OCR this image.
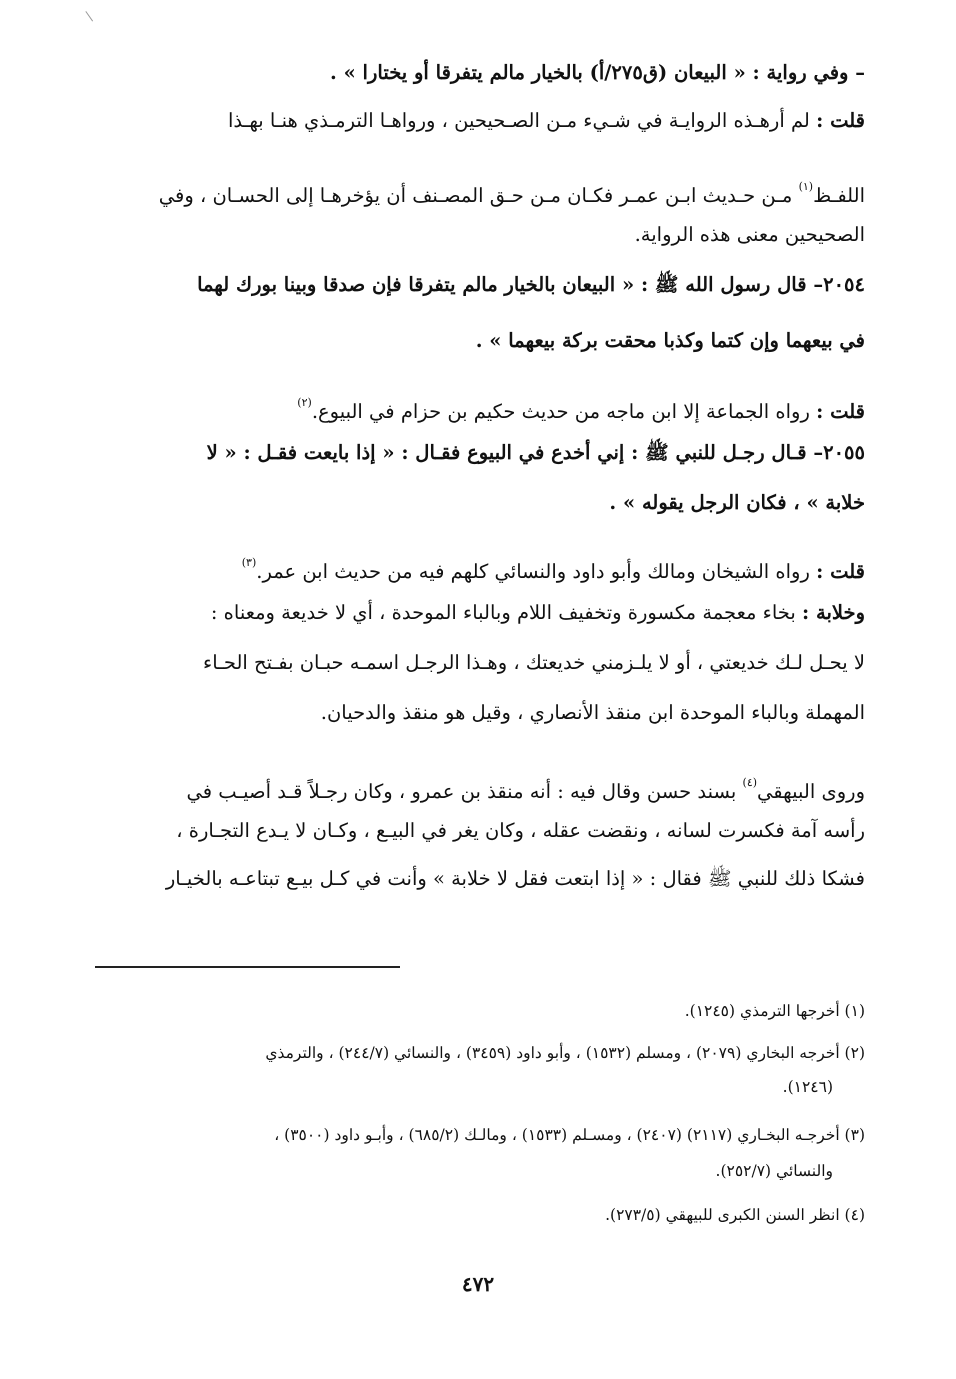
– وفي رواية : « البيعان (ق٢٧٥/أ) بالخيار مالم يتفرقا أو يختارا » .
قلت : لم أرهـذه الروايـة في شـيء مـن الصـحيحين ، ورواهـا الترمـذي هنـا بهـذا
اللفـظ$^{(١)}$ مـن حـديث ابـن عمـر فكـان مـن حـق المصـنف أن يؤخرهـا إلى الحسـان ، وفي
الصحيحين معنى هذه الرواية.
٢٠٥٤– قال رسول الله ﷺ : « البيعان بالخيار مالم يتفرقا فإن صدقا وبينا بورك لهما
في بيعهما وإن كتما وكذبا محقت بركة بيعهما » .
قلت : رواه الجماعة إلا ابن ماجه من حديث حكيم بن حزام في البيوع.$^{(٢)}$
٢٠٥٥– قـال رجـل للنبي ﷺ : إني أخدع في البيوع فقـال : « إذا بايعت فقـل : « لا
خلابة » ، فكان الرجل يقوله » .
قلت : رواه الشيخان ومالك وأبو داود والنسائي كلهم فيه من حديث ابن عمر.$^{(٣)}$
وخلابة : بخاء معجمة مكسورة وتخفيف اللام وبالباء الموحدة ، أي لا خديعة ومعناه :
لا يحـل لـك خديعتي ، أو لا يلـزمني خديعتك ، وهـذا الرجـل اسمـه حبـان بفـتح الحـاء
المهملة وبالباء الموحدة ابن منقذ الأنصاري ، وقيل هو منقذ والدحيان.
وروى البيهقي$^{(٤)}$ بسند حسن وقال فيه : أنه منقذ بن عمرو ، وكان رجـلاً قـد أصيـب في
رأسه آمة فكسرت لسانه ، ونقضت عقله ، وكان يغر في البيـع ، وكـان لا يـدع التجـارة ،
فشكا ذلك للنبي ﷺ فقال : « إذا ابتعت فقل لا خلابة » وأنت في كـل بيـع تبتاعـه بالخيـار
(١) أخرجها الترمذي (١٢٤٥).
(٢) أخرجه البخاري (٢٠٧٩) ، ومسلم (١٥٣٢) ، وأبو داود (٣٤٥٩) ، والنسائي (٢٤٤/٧) ، والترمذي
(١٢٤٦).
(٣) أخرجـه البخـاري (٢١١٧) (٢٤٠٧) ، ومسـلم (١٥٣٣) ، ومالـك (٦٨٥/٢) ، وأبـو داود (٣٥٠٠) ،
والنسائي (٢٥٢/٧).
(٤) انظر السنن الكبرى للبيهقي (٢٧٣/٥).
٤٧٢
